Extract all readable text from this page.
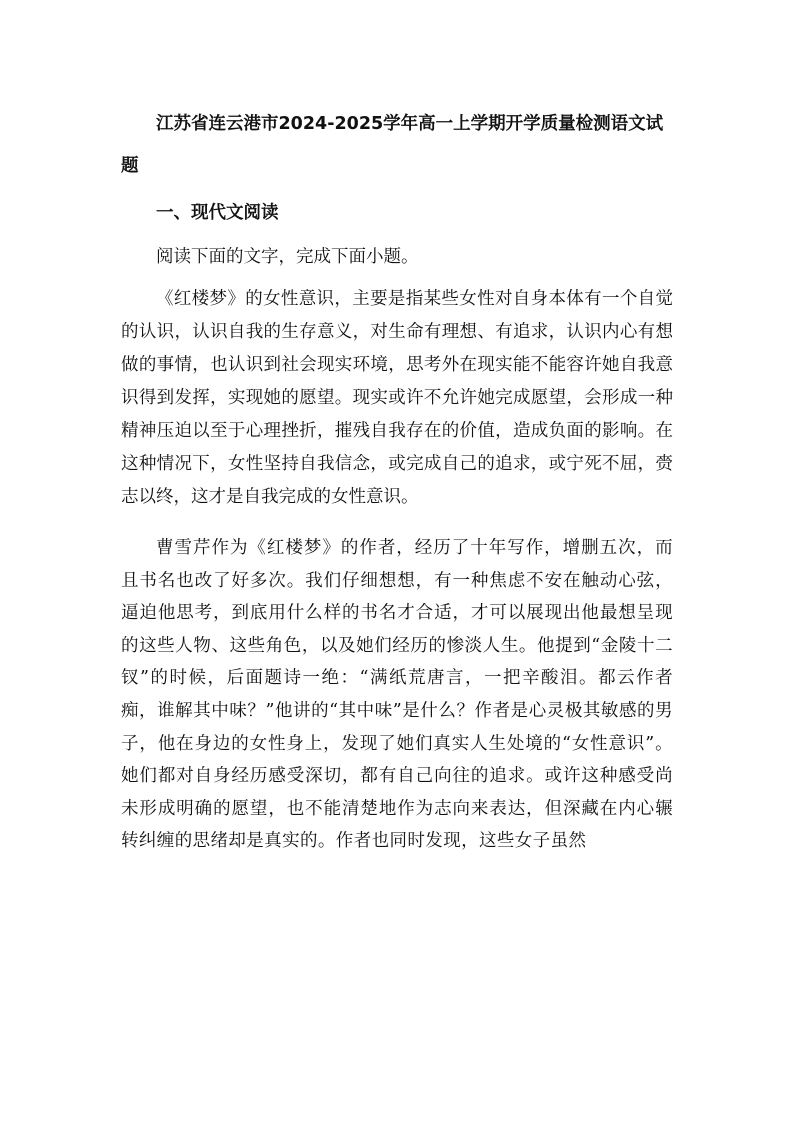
江苏省连云港市2024-2025学年高一上学期开学质量检测语文试题
一、现代文阅读

阅读下面的文字，完成下面小题。

《红楼梦》的女性意识，主要是指某些女性对自身本体有一个自觉的认识，认识自我的生存意义，对生命有理想、有追求，认识内心有想做的事情，也认识到社会现实环境，思考外在现实能不能容许她自我意识得到发挥，实现她的愿望。现实或许不允许她完成愿望，会形成一种精神压迫以至于心理挫折，摧残自我存在的价值，造成负面的影响。在这种情况下，女性坚持自我信念，或完成自己的追求，或宁死不屈，赍志以终，这才是自我完成的女性意识。

曹雪芹作为《红楼梦》的作者，经历了十年写作，增删五次，而且书名也改了好多次。我们仔细想想，有一种焦虑不安在触动心弦，逼迫他思考，到底用什么样的书名才合适，才可以展现出他最想呈现的这些人物、这些角色，以及她们经历的惨淡人生。他提到“金陵十二钗”的时候，后面题诗一绝：“满纸荒唐言，一把辛酸泪。都云作者痴，谁解其中味？”他讲的“其中味”是什么？作者是心灵极其敏感的男子，他在身边的女性身上，发现了她们真实人生处境的“女性意识”。她们都对自身经历感受深切，都有自己向往的追求。或许这种感受尚未形成明确的愿望，也不能清楚地作为志向来表达，但深藏在内心辗转纠缠的思绪却是真实的。作者也同时发现，这些女子虽然
